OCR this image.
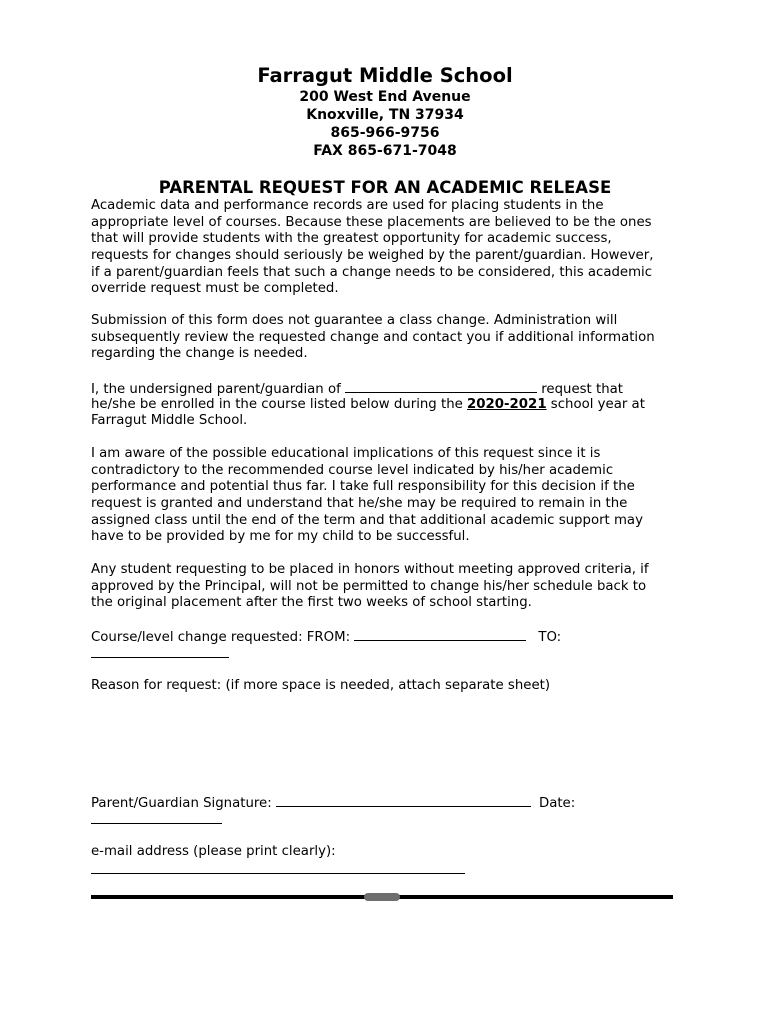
Farragut Middle School
200 West End Avenue
Knoxville, TN 37934
865-966-9756
FAX 865-671-7048
PARENTAL REQUEST FOR AN ACADEMIC RELEASE
Academic data and performance records are used for placing students in the
appropriate level of courses. Because these placements are believed to be the ones
that will provide students with the greatest opportunity for academic success,
requests for changes should seriously be weighed by the parent/guardian. However,
if a parent/guardian feels that such a change needs to be considered, this academic
override request must be completed.
Submission of this form does not guarantee a class change. Administration will
subsequently review the requested change and contact you if additional information
regarding the change is needed.
I, the undersigned parent/guardian of	request that
he/she be enrolled in the course listed below during the 2020-2021 school year at
Farragut Middle School.
I am aware of the possible educational implications of this request since it is
contradictory to the recommended course level indicated by his/her academic
performance and potential thus far. I take full responsibility for this decision if the
request is granted and understand that he/she may be required to remain in the
assigned class until the end of the term and that additional academic support may
have to be provided by me for my child to be successful.
Any student requesting to be placed in honors without meeting approved criteria, if
approved by the Principal, will not be permitted to change his/her schedule back to
the original placement after the first two weeks of school starting.
Course/level change requested: FROM:	TO:
Reason for request: (if more space is needed, attach separate sheet)
Parent/Guardian Signature:	Date:
e-mail address (please print clearly):
